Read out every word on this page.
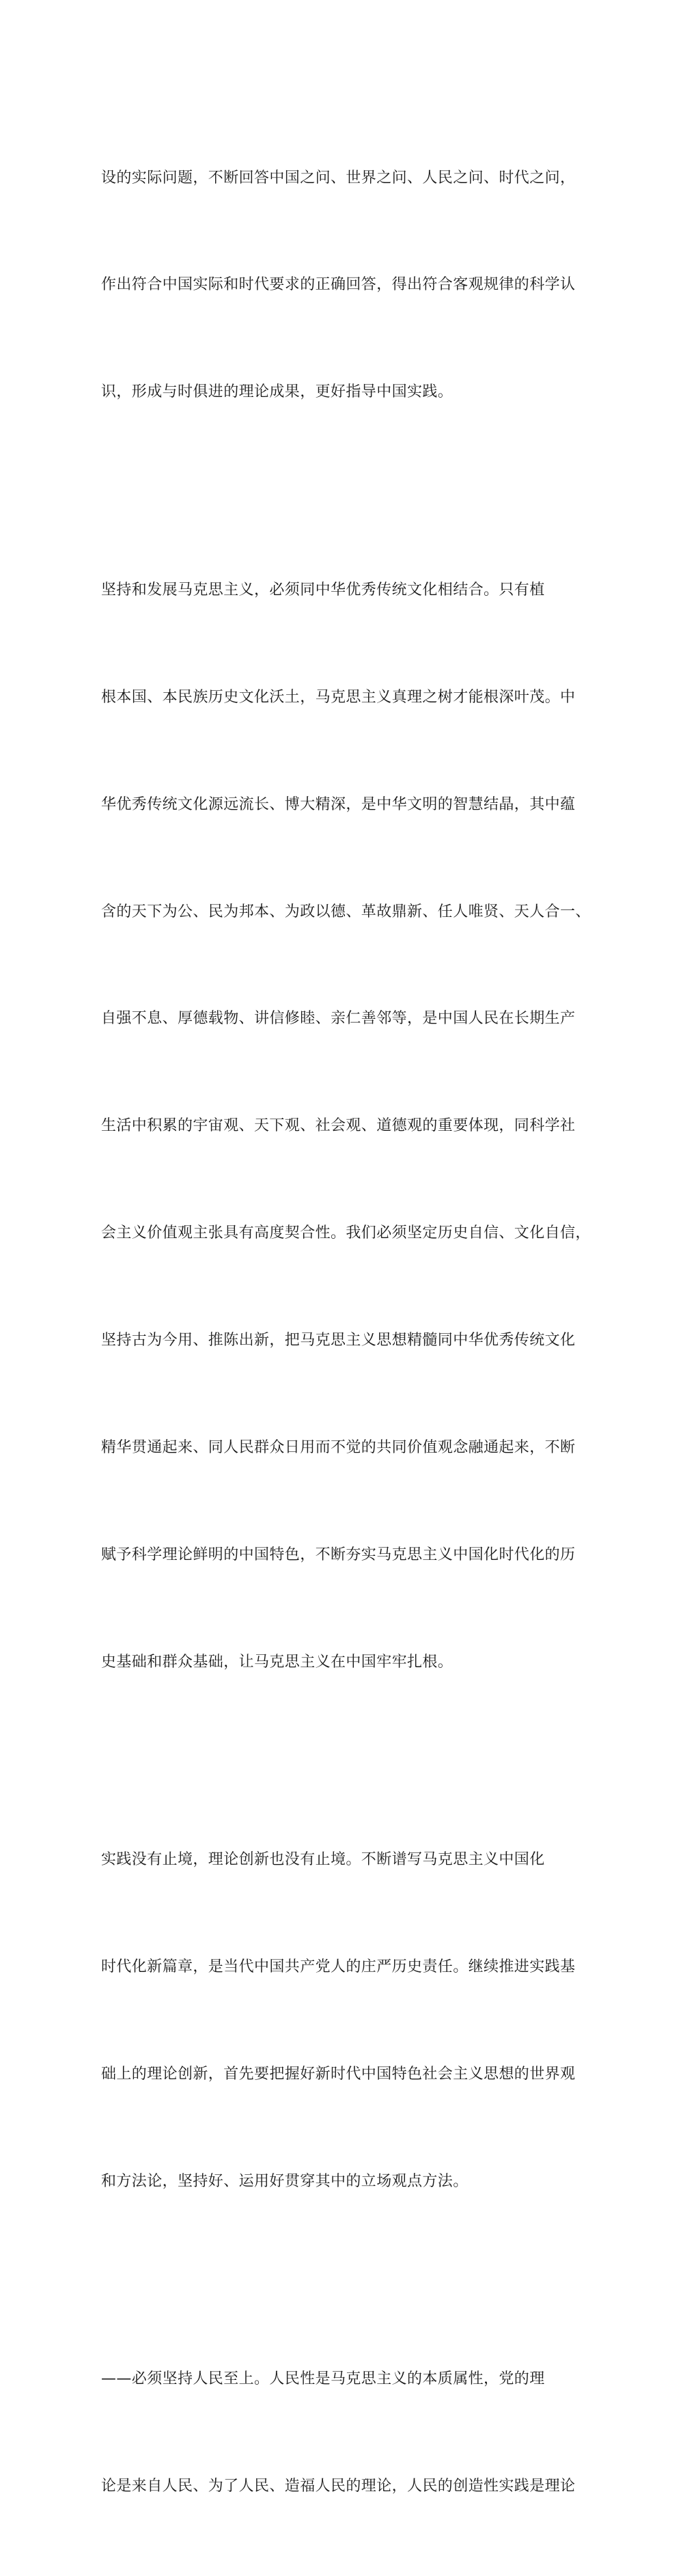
设的实际问题，不断回答中国之问、世界之问、人民之问、时代之问，

作出符合中国实际和时代要求的正确回答，得出符合客观规律的科学认

识，形成与时俱进的理论成果，更好指导中国实践。

坚持和发展马克思主义，必须同中华优秀传统文化相结合。只有植

根本国、本民族历史文化沃土，马克思主义真理之树才能根深叶茂。中

华优秀传统文化源远流长、博大精深，是中华文明的智慧结晶，其中蕴

含的天下为公、民为邦本、为政以德、革故鼎新、任人唯贤、天人合一、

自强不息、厚德载物、讲信修睦、亲仁善邻等，是中国人民在长期生产

生活中积累的宇宙观、天下观、社会观、道德观的重要体现，同科学社

会主义价值观主张具有高度契合性。我们必须坚定历史自信、文化自信，

坚持古为今用、推陈出新，把马克思主义思想精髓同中华优秀传统文化

精华贯通起来、同人民群众日用而不觉的共同价值观念融通起来，不断

赋予科学理论鲜明的中国特色，不断夯实马克思主义中国化时代化的历

史基础和群众基础，让马克思主义在中国牢牢扎根。

实践没有止境，理论创新也没有止境。不断谱写马克思主义中国化

时代化新篇章，是当代中国共产党人的庄严历史责任。继续推进实践基

础上的理论创新，首先要把握好新时代中国特色社会主义思想的世界观

和方法论，坚持好、运用好贯穿其中的立场观点方法。

——必须坚持人民至上。人民性是马克思主义的本质属性，党的理

论是来自人民、为了人民、造福人民的理论，人民的创造性实践是理论
